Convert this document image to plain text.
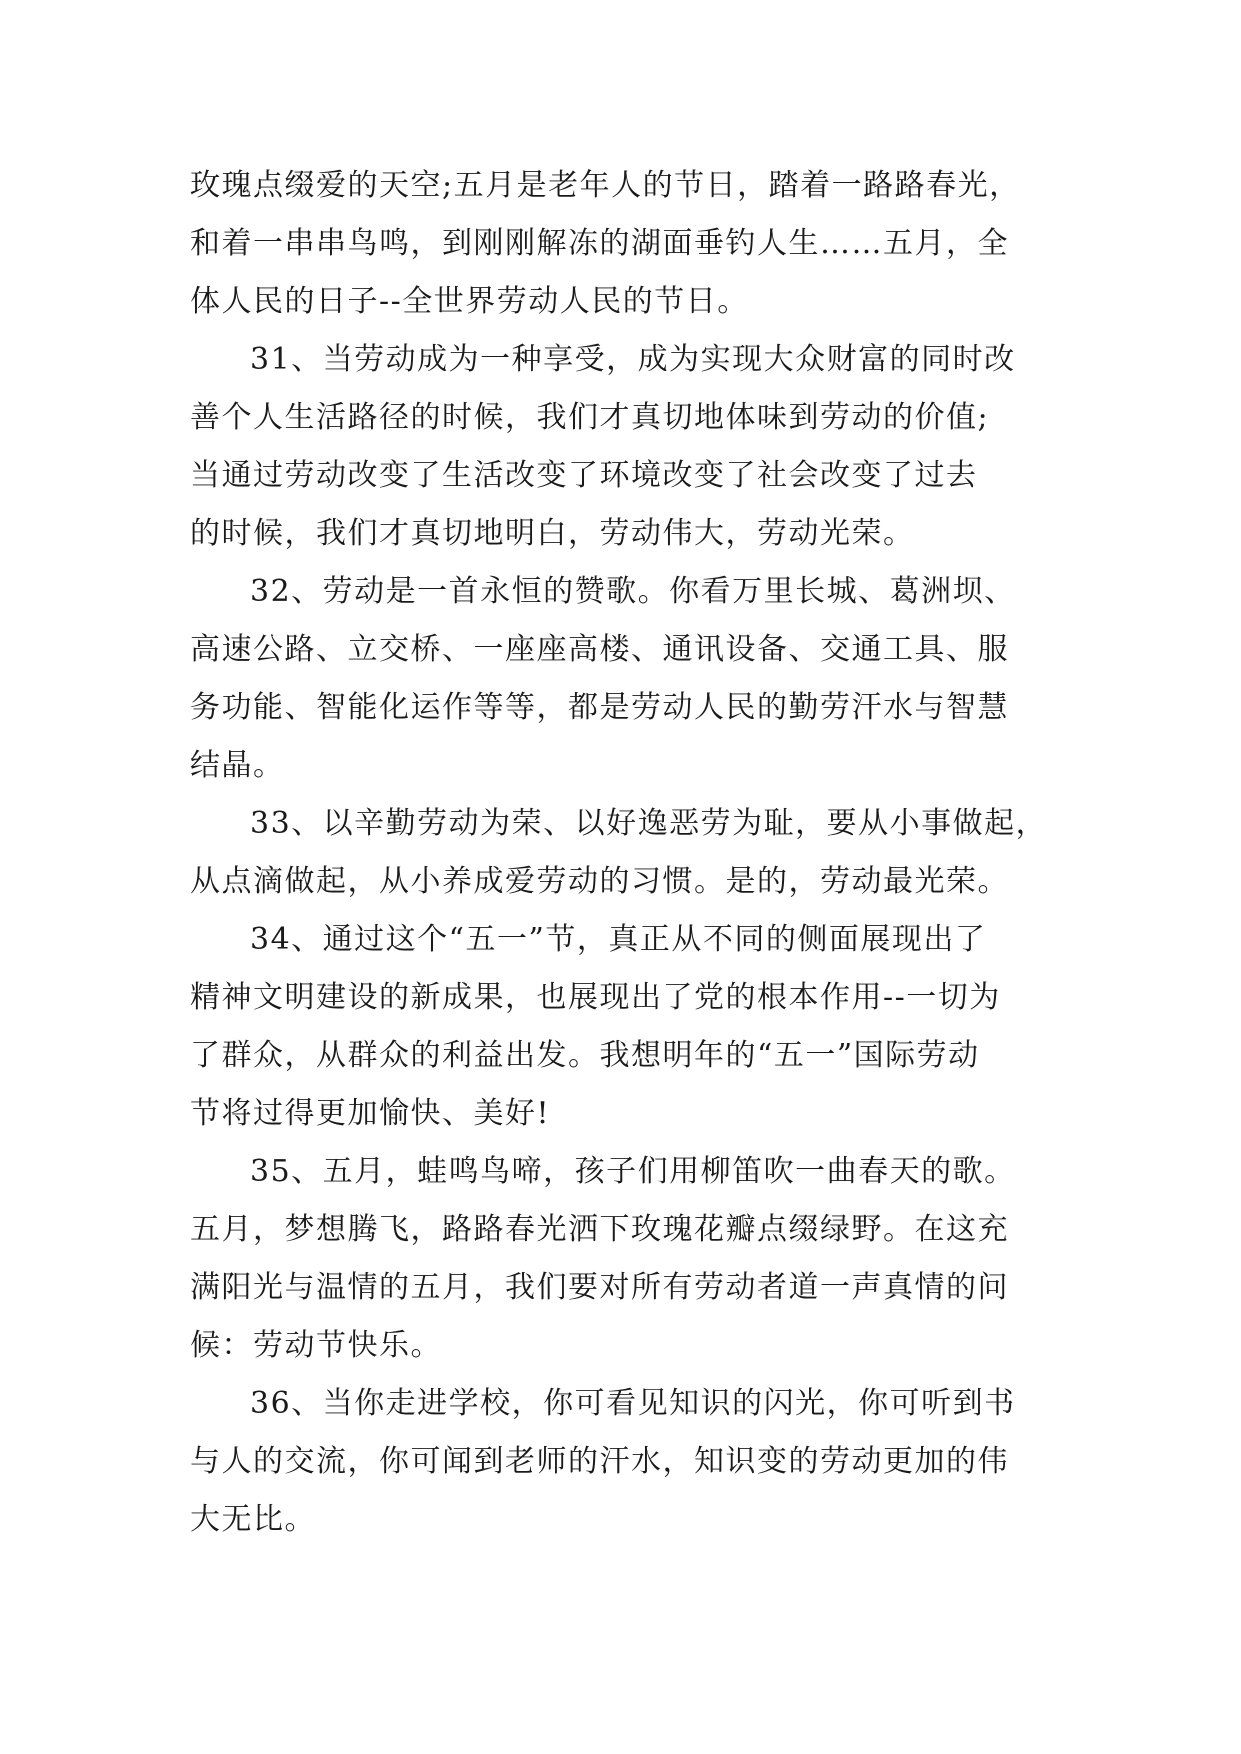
玫瑰点缀爱的天空;五月是老年人的节日，踏着一路路春光，
和着一串串鸟鸣，到刚刚解冻的湖面垂钓人生……五月，全
体人民的日子--全世界劳动人民的节日。
31、当劳动成为一种享受，成为实现大众财富的同时改
善个人生活路径的时候，我们才真切地体味到劳动的价值;
当通过劳动改变了生活改变了环境改变了社会改变了过去
的时候，我们才真切地明白，劳动伟大，劳动光荣。
32、劳动是一首永恒的赞歌。你看万里长城、葛洲坝、
高速公路、立交桥、一座座高楼、通讯设备、交通工具、服
务功能、智能化运作等等，都是劳动人民的勤劳汗水与智慧
结晶。
33、以辛勤劳动为荣、以好逸恶劳为耻，要从小事做起，
从点滴做起，从小养成爱劳动的习惯。是的，劳动最光荣。
34、通过这个“五一”节，真正从不同的侧面展现出了
精神文明建设的新成果，也展现出了党的根本作用--一切为
了群众，从群众的利益出发。我想明年的“五一”国际劳动
节将过得更加愉快、美好!
35、五月，蛙鸣鸟啼，孩子们用柳笛吹一曲春天的歌。
五月，梦想腾飞，路路春光洒下玫瑰花瓣点缀绿野。在这充
满阳光与温情的五月，我们要对所有劳动者道一声真情的问
候：劳动节快乐。
36、当你走进学校，你可看见知识的闪光，你可听到书
与人的交流，你可闻到老师的汗水，知识变的劳动更加的伟
大无比。
